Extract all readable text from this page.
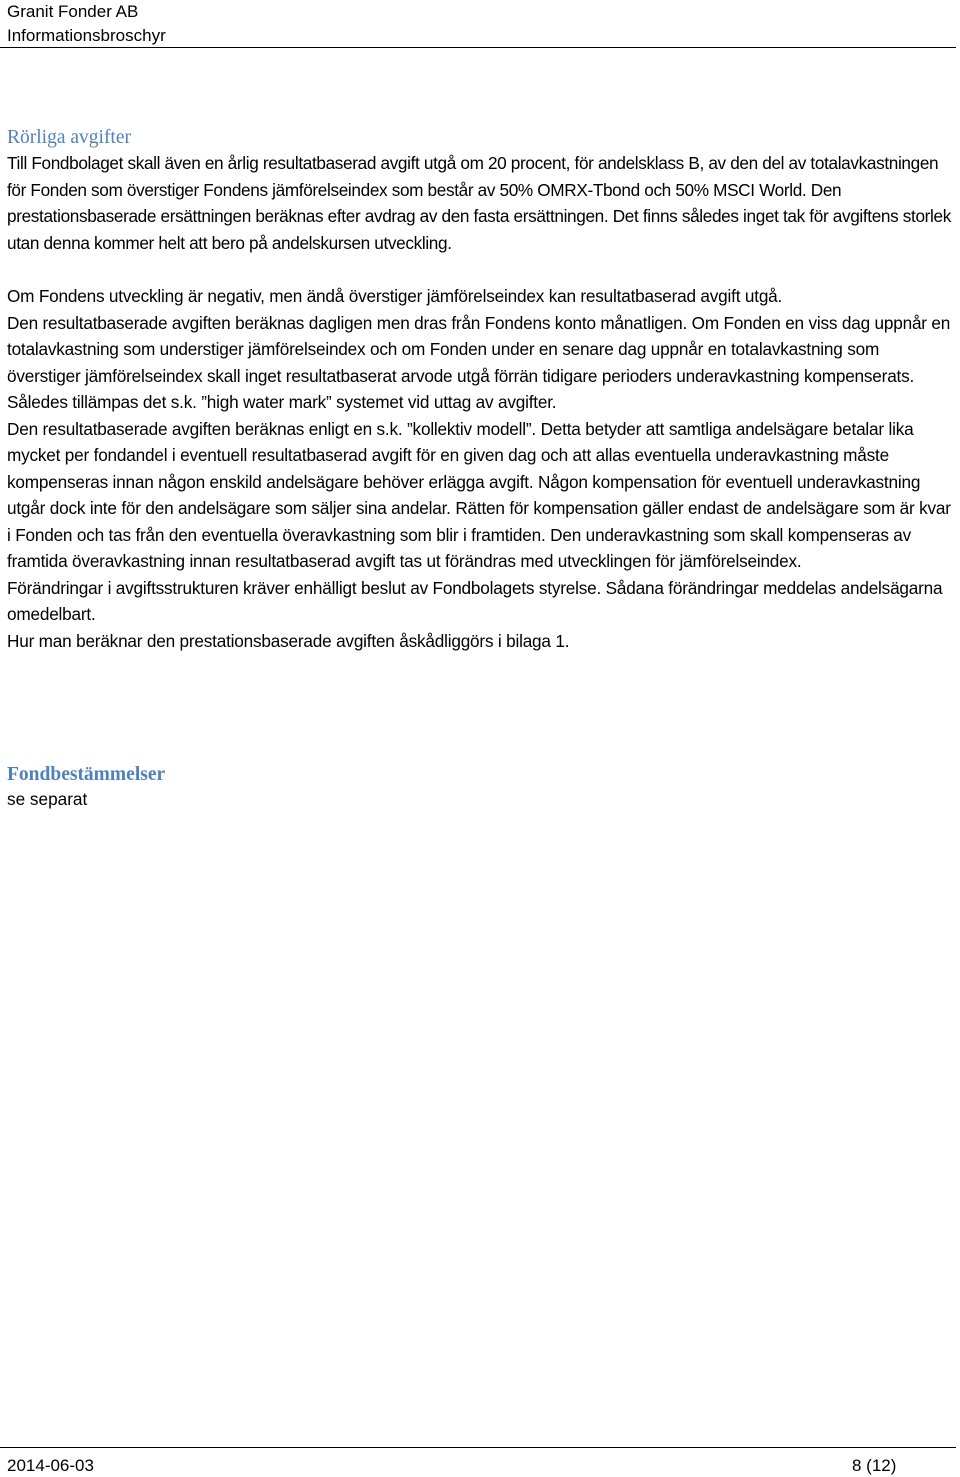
Granit Fonder AB
Informationsbroschyr
Rörliga avgifter
Till Fondbolaget skall även en årlig resultatbaserad avgift utgå om 20 procent, för andelsklass B, av den del av totalavkastningen för Fonden som överstiger Fondens jämförelseindex som består av 50% OMRX-Tbond och 50% MSCI World. Den prestationsbaserade ersättningen beräknas efter avdrag av den fasta ersättningen. Det finns således inget tak för avgiftens storlek utan denna kommer helt att bero på andelskursen utveckling.

Om Fondens utveckling är negativ, men ändå överstiger jämförelseindex kan resultatbaserad avgift utgå.

Den resultatbaserade avgiften beräknas dagligen men dras från Fondens konto månatligen. Om Fonden en viss dag uppnår en totalavkastning som understiger jämförelseindex och om Fonden under en senare dag uppnår en totalavkastning som överstiger jämförelseindex skall inget resultatbaserat arvode utgå förrän tidigare perioders underavkastning kompenserats. Således tillämpas det s.k. ”high water mark” systemet vid uttag av avgifter.

Den resultatbaserade avgiften beräknas enligt en s.k. ”kollektiv modell”. Detta betyder att samtliga andelsägare betalar lika mycket per fondandel i eventuell resultatbaserad avgift för en given dag och att allas eventuella underavkastning måste kompenseras innan någon enskild andelsägare behöver erlägga avgift. Någon kompensation för eventuell underavkastning utgår dock inte för den andelsägare som säljer sina andelar. Rätten för kompensation gäller endast de andelsägare som är kvar i Fonden och tas från den eventuella överavkastning som blir i framtiden. Den underavkastning som skall kompenseras av framtida överavkastning innan resultatbaserad avgift tas ut förändras med utvecklingen för jämförelseindex.

Förändringar i avgiftsstrukturen kräver enhälligt beslut av Fondbolagets styrelse. Sådana förändringar meddelas andelsägarna omedelbart.

Hur man beräknar den prestationsbaserade avgiften åskådliggörs i bilaga 1.

Fondbestämmelser
se separat
2014-06-03	8 (12)
